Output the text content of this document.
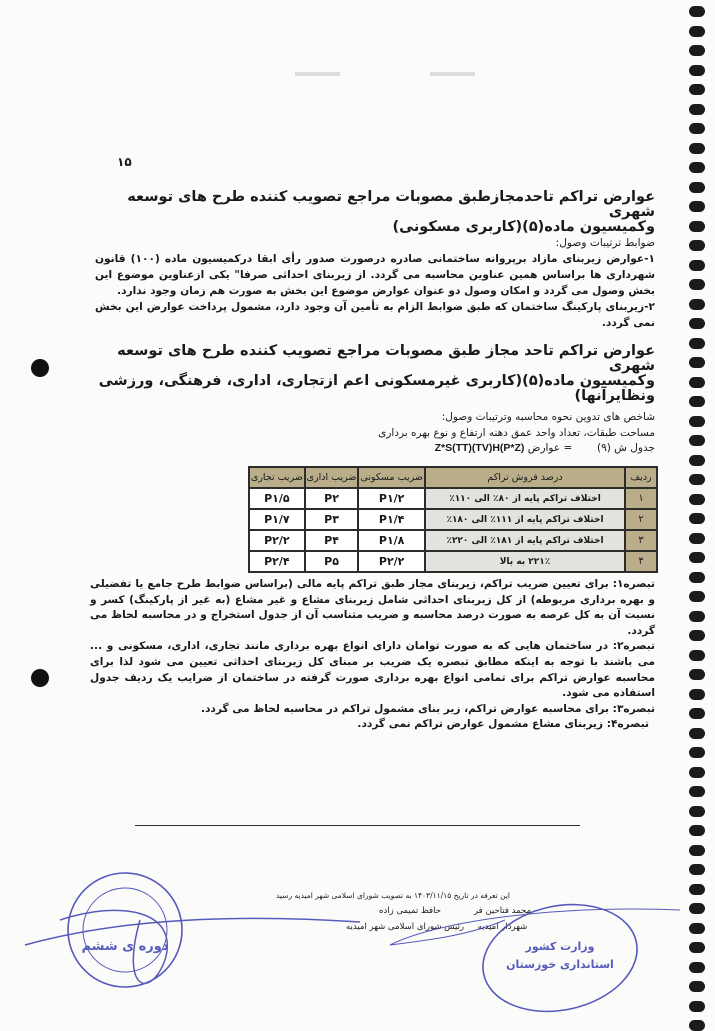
۱۵
عوارض تراکم تاحدمجازطبق مصوبات مراجع تصویب کننده طرح های توسعه شهری
وکمیسیون ماده(۵)(کاربری مسکونی)
ضوابط ترتیبات وصول:
۱-عوارض زیربنای مازاد برپروانه ساختمانی صادره درصورت صدور رأی ابقا درکمیسیون ماده (۱۰۰) قانون شهرداری ها براساس همین عناوین محاسبه می گردد. از زیربنای احداثی صرفا" یکی ازعناوین موضوع این بخش وصول می گردد و امکان وصول دو عنوان عوارض موضوع این بخش به صورت هم زمان وجود ندارد.
۲-زیربنای پارکینگ ساختمان که طبق ضوابط الزام به تأمین آن وجود دارد، مشمول پرداخت عوارض این بخش نمی گردد.
عوارض تراکم تاحد مجاز طبق مصوبات مراجع تصویب کننده طرح های توسعه شهری
وکمیسیون ماده(۵)(کاربری غیرمسکونی اعم ازتجاری، اداری، فرهنگی، ورزشی
ونظایرآنها)
شاخص های تدوین نحوه محاسبه وترتیبات وصول:
مساحت طبقات، تعداد واحد عمق دهنه ارتفاع و نوع بهره برداری
جدول ش (۹)  = عوارض Z*S(TT)(TV)H(P*Z)
ردیف	درصد فروش تراکم	ضریب مسکونی	ضریب اداری	ضریب تجاری
۱	اختلاف تراکم پایه از ۸۰٪ الی ۱۱۰٪	P۱/۲	P۲	P۱/۵
۲	اختلاف تراکم پایه از ۱۱۱٪ الی ۱۸۰٪	P۱/۴	P۳	P۱/۷
۳	اختلاف تراکم پایه از ۱۸۱٪ الی ۲۲۰٪	P۱/۸	P۴	P۲/۲
۴	۲۲۱٪ به بالا	P۲/۲	P۵	P۲/۴
تبصره۱: برای تعیین ضریب تراکم، زیربنای مجاز طبق تراکم پایه مالی (براساس ضوابط طرح جامع یا تفضیلی و بهره برداری مربوطه) از کل زیربنای احداثی شامل زیربنای مشاع و غیر مشاع (به غیر از پارکینگ) کسر و نسبت آن به کل عرصه به صورت درصد محاسبه و ضریب متناسب آن از جدول استخراج و در محاسبه لحاظ می گردد.
تبصره۲: در ساختمان هایی که به صورت توامان دارای انواع بهره برداری مانند تجاری، اداری، مسکونی و ... می باشند با توجه به اینکه مطابق تبصره یک ضریب بر مبنای کل زیربنای احداثی تعیین می شود لذا برای محاسبه عوارض تراکم برای تمامی انواع بهره برداری صورت گرفته در ساختمان از ضرایب یک ردیف جدول استفاده می شود.
تبصره۳: برای محاسبه عوارض تراکم، زیر بنای مشمول تراکم در محاسبه لحاظ می گردد.
تبصره۴: زیربنای مشاع مشمول عوارض تراکم نمی گردد.
این تعرفه در تاریخ ۱۴۰۳/۱۱/۱۵ به تصویب شورای اسلامی شهر امیدیه رسید
حافظ تمیمی زاده
رئیس شورای اسلامی شهر امیدیه
محمد فتاحین فر
شهردار امیدیه
دوره ی ششم	وزارت کشور
استانداری خوزستان
